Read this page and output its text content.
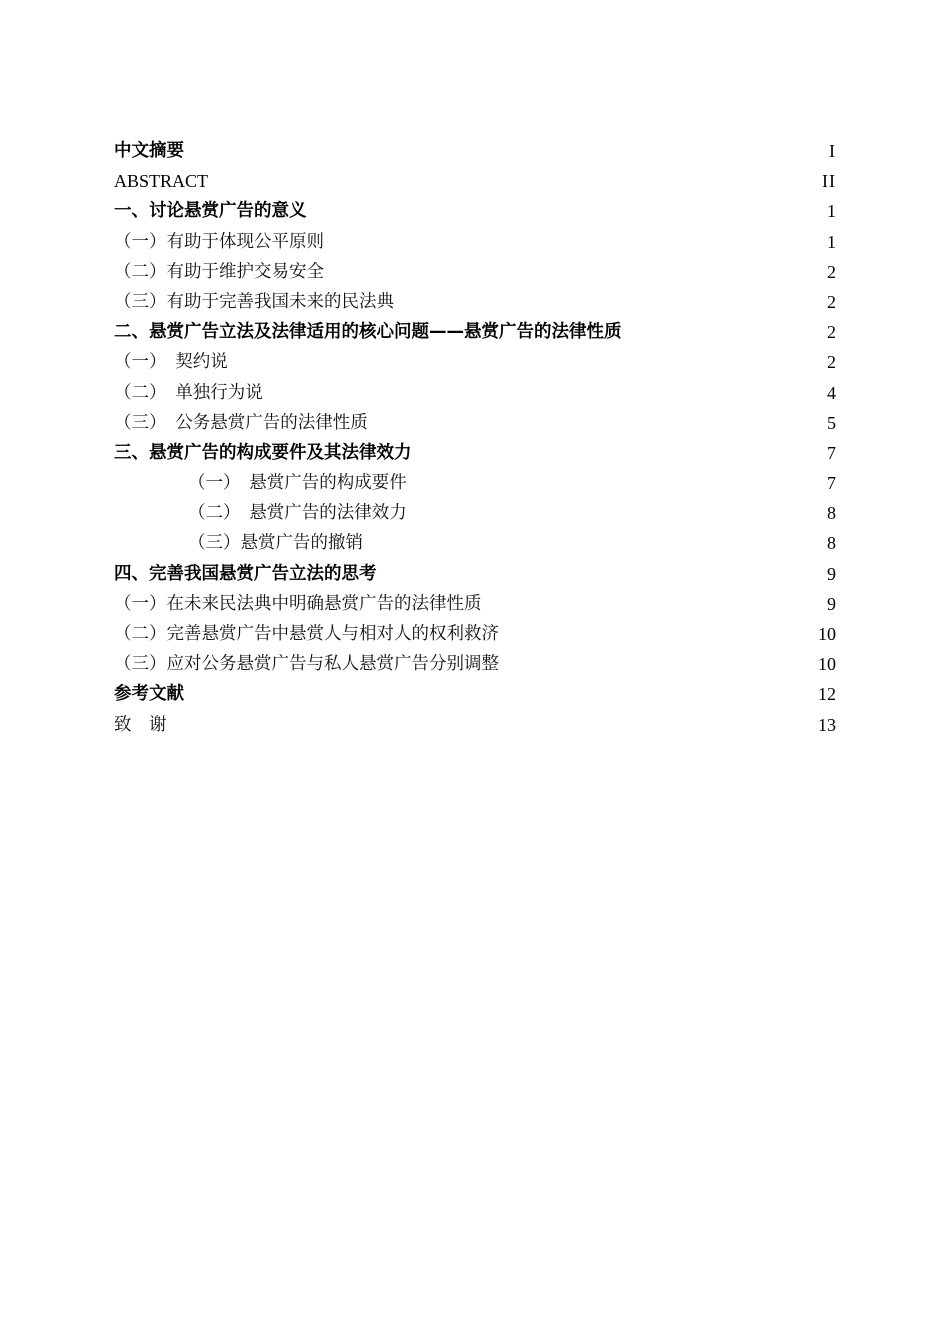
中文摘要	I
ABSTRACT	II
一、讨论悬赏广告的意义	1
（一）有助于体现公平原则	1
（二）有助于维护交易安全	2
（三）有助于完善我国未来的民法典	2
二、悬赏广告立法及法律适用的核心问题——悬赏广告的法律性质	2
（一）　契约说	2
（二）　单独行为说	4
（三）　公务悬赏广告的法律性质	5
三、悬赏广告的构成要件及其法律效力	7
（一）　悬赏广告的构成要件	7
（二）　悬赏广告的法律效力	8
（三）悬赏广告的撤销	8
四、完善我国悬赏广告立法的思考	9
（一）在未来民法典中明确悬赏广告的法律性质	9
（二）完善悬赏广告中悬赏人与相对人的权利救济	10
（三）应对公务悬赏广告与私人悬赏广告分别调整	10
参考文献	12
致　谢	13
